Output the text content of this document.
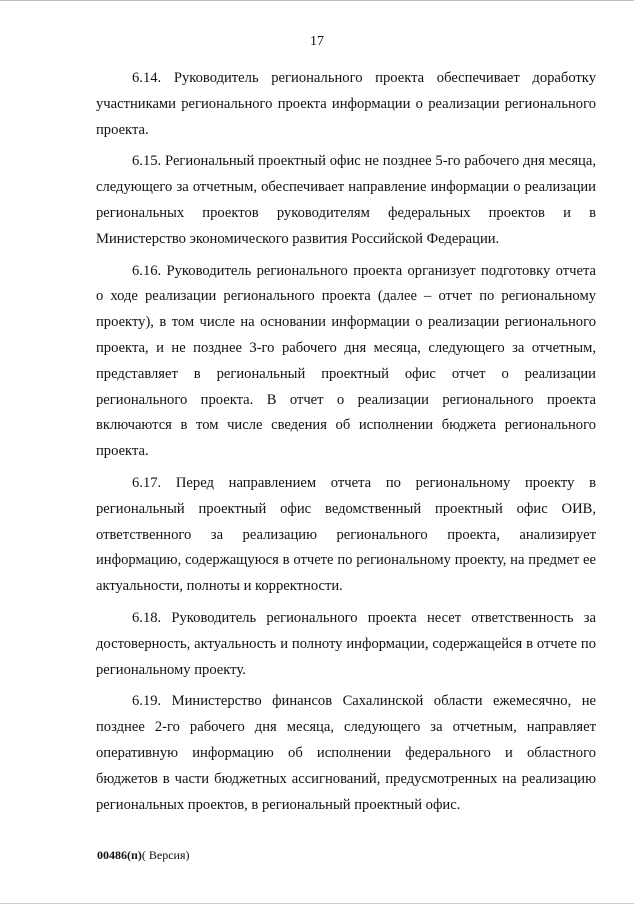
17

6.14. Руководитель регионального проекта обеспечивает доработку участниками регионального проекта информации о реализации регионального проекта.

6.15. Региональный проектный офис не позднее 5-го рабочего дня месяца, следующего за отчетным, обеспечивает направление информации о реализации региональных проектов руководителям федеральных проектов и в Министерство экономического развития Российской Федерации.

6.16. Руководитель регионального проекта организует подготовку отчета о ходе реализации регионального проекта (далее – отчет по региональному проекту), в том числе на основании информации о реализации регионального проекта, и не позднее 3-го рабочего дня месяца, следующего за отчетным, представляет в региональный проектный офис отчет о реализации регионального проекта. В отчет о реализации регионального проекта включаются в том числе сведения об исполнении бюджета регионального проекта.

6.17. Перед направлением отчета по региональному проекту в региональный проектный офис ведомственный проектный офис ОИВ, ответственного за реализацию регионального проекта, анализирует информацию, содержащуюся в отчете по региональному проекту, на предмет ее актуальности, полноты и корректности.

6.18. Руководитель регионального проекта несет ответственность за достоверность, актуальность и полноту информации, содержащейся в отчете по региональному проекту.

6.19. Министерство финансов Сахалинской области ежемесячно, не позднее 2-го рабочего дня месяца, следующего за отчетным, направляет оперативную информацию об исполнении федерального и областного бюджетов в части бюджетных ассигнований, предусмотренных на реализацию региональных проектов, в региональный проектный офис.

00486(п)( Версия)
